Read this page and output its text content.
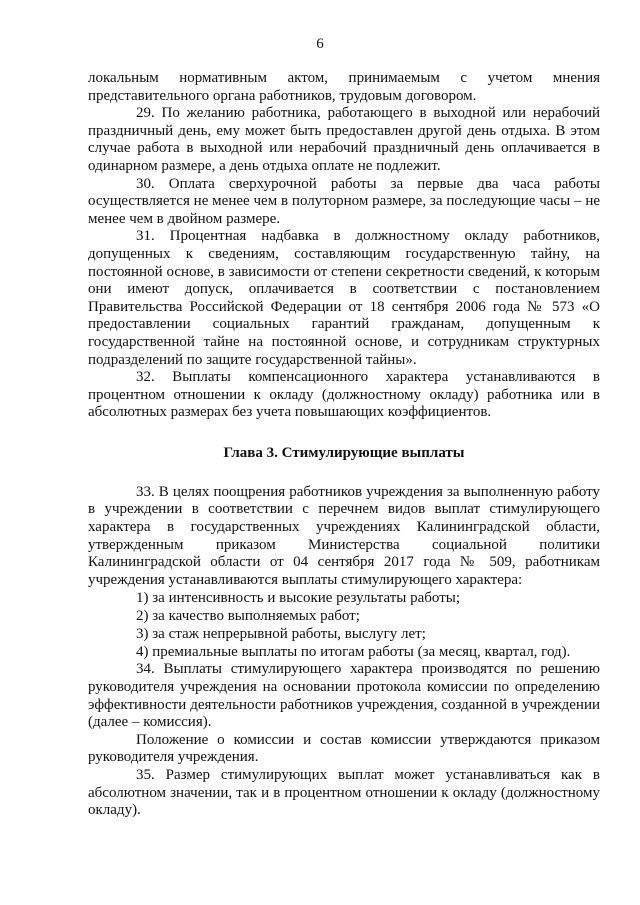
6

локальным нормативным актом, принимаемым с учетом мнения представительного органа работников, трудовым договором.

29. По желанию работника, работающего в выходной или нерабочий праздничный день, ему может быть предоставлен другой день отдыха. В этом случае работа в выходной или нерабочий праздничный день оплачивается в одинарном размере, а день отдыха оплате не подлежит.

30. Оплата сверхурочной работы за первые два часа работы осуществляется не менее чем в полуторном размере, за последующие часы – не менее чем в двойном размере.

31. Процентная надбавка в должностному окладу работников, допущенных к сведениям, составляющим государственную тайну, на постоянной основе, в зависимости от степени секретности сведений, к которым они имеют допуск, оплачивается в соответствии с постановлением Правительства Российской Федерации от 18 сентября 2006 года № 573 «О предоставлении социальных гарантий гражданам, допущенным к государственной тайне на постоянной основе, и сотрудникам структурных подразделений по защите государственной тайны».

32. Выплаты компенсационного характера устанавливаются в процентном отношении к окладу (должностному окладу) работника или в абсолютных размерах без учета повышающих коэффициентов.

Глава 3. Стимулирующие выплаты

33. В целях поощрения работников учреждения за выполненную работу в учреждении в соответствии с перечнем видов выплат стимулирующего характера в государственных учреждениях Калининградской области, утвержденным приказом Министерства социальной политики Калининградской области от 04 сентября 2017 года № 509, работникам учреждения устанавливаются выплаты стимулирующего характера:

1) за интенсивность и высокие результаты работы;
2) за качество выполняемых работ;
3) за стаж непрерывной работы, выслугу лет;
4) премиальные выплаты по итогам работы (за месяц, квартал, год).

34. Выплаты стимулирующего характера производятся по решению руководителя учреждения на основании протокола комиссии по определению эффективности деятельности работников учреждения, созданной в учреждении (далее – комиссия).

Положение о комиссии и состав комиссии утверждаются приказом руководителя учреждения.

35. Размер стимулирующих выплат может устанавливаться как в абсолютном значении, так и в процентном отношении к окладу (должностному окладу).
